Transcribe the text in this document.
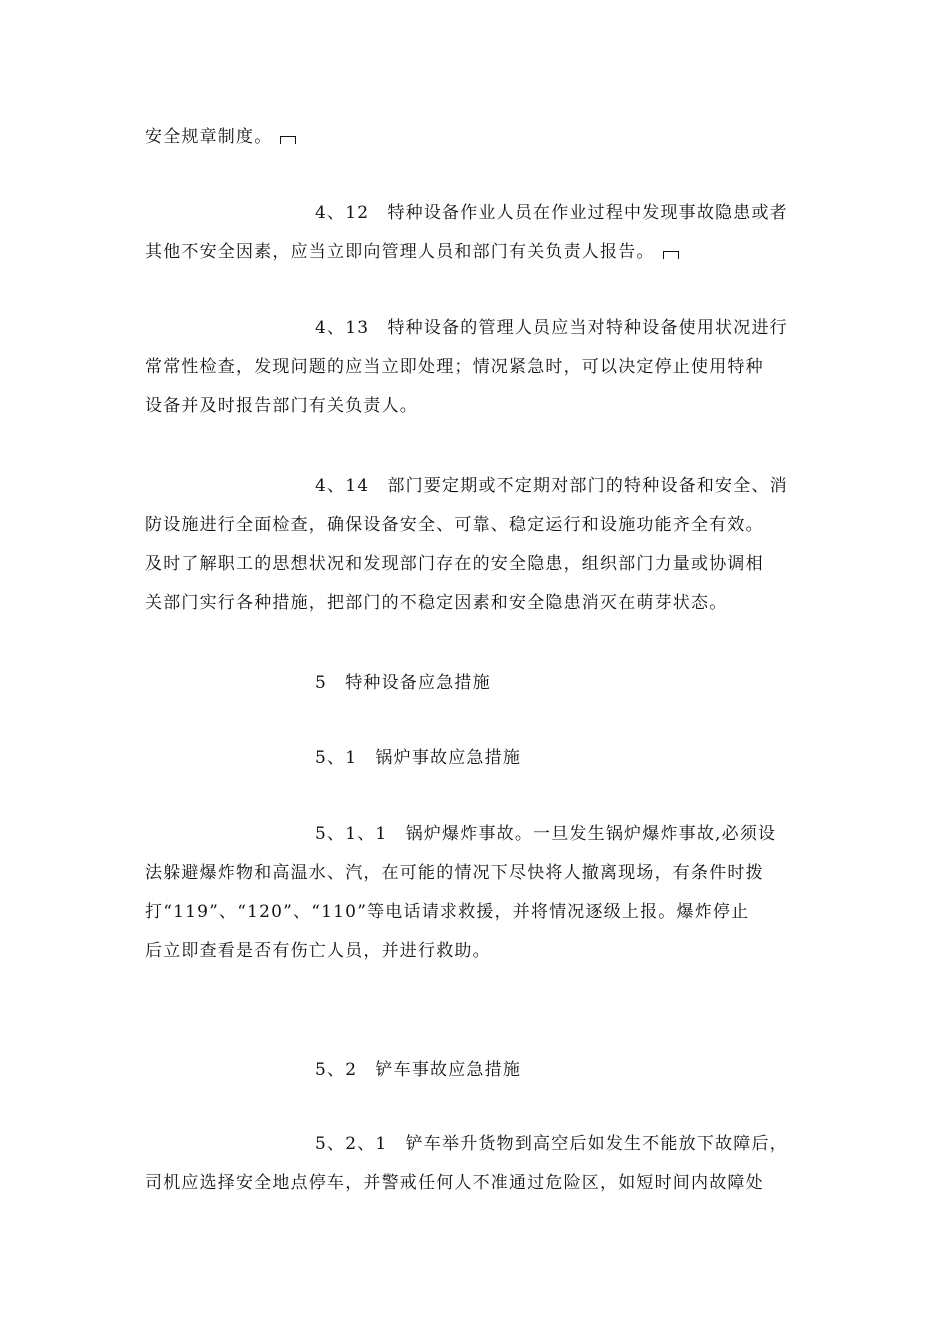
安全规章制度。

4、12　特种设备作业人员在作业过程中发现事故隐患或者
其他不安全因素，应当立即向管理人员和部门有关负责人报告。

4、13　特种设备的管理人员应当对特种设备使用状况进行
常常性检查，发现问题的应当立即处理；情况紧急时，可以决定停止使用特种
设备并及时报告部门有关负责人。

4、14　部门要定期或不定期对部门的特种设备和安全、消
防设施进行全面检查，确保设备安全、可靠、稳定运行和设施功能齐全有效。
及时了解职工的思想状况和发现部门存在的安全隐患，组织部门力量或协调相
关部门实行各种措施，把部门的不稳定因素和安全隐患消灭在萌芽状态。

5　特种设备应急措施

5、1　锅炉事故应急措施

5、1、1　锅炉爆炸事故。一旦发生锅炉爆炸事故,必须设
法躲避爆炸物和高温水、汽，在可能的情况下尽快将人撤离现场，有条件时拨
打“119”、“120”、“110”等电话请求救援，并将情况逐级上报。爆炸停止
后立即查看是否有伤亡人员，并进行救助。

5、2　铲车事故应急措施

5、2、1　铲车举升货物到高空后如发生不能放下故障后，
司机应选择安全地点停车，并警戒任何人不准通过危险区，如短时间内故障处
